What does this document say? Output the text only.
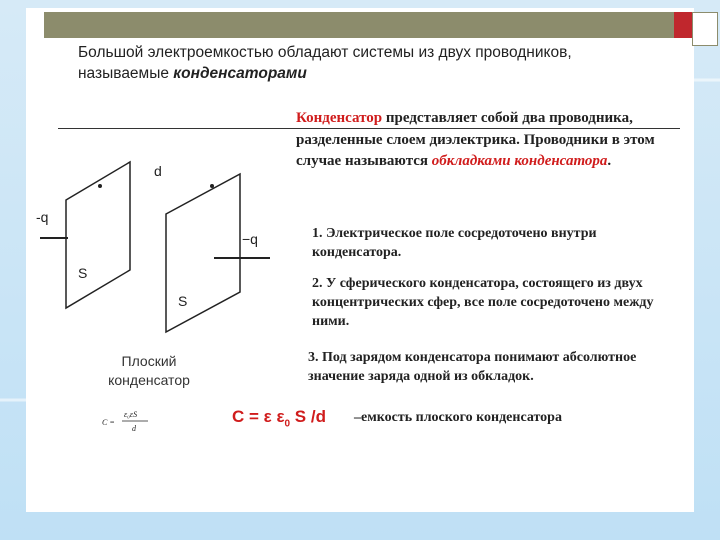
Большой электроемкостью обладают системы из двух проводников, называемые конденсаторами
Конденсатор представляет собой два проводника, разделенные слоем диэлектрика. Проводники в этом случае называются обкладками конденсатора.
1. Электрическое поле сосредоточено внутри конденсатора.
2. У сферического конденсатора, состоящего из двух концентрических сфер, все поле сосредоточено между ними.
3. Под зарядом конденсатора понимают абсолютное значение заряда одной из обкладок.
d
-q
−q
S
S
Плоский конденсатор
C =
ε₀εS
d
C = ε $\varepsilon_0$ S /d –емкость плоского конденсатора
